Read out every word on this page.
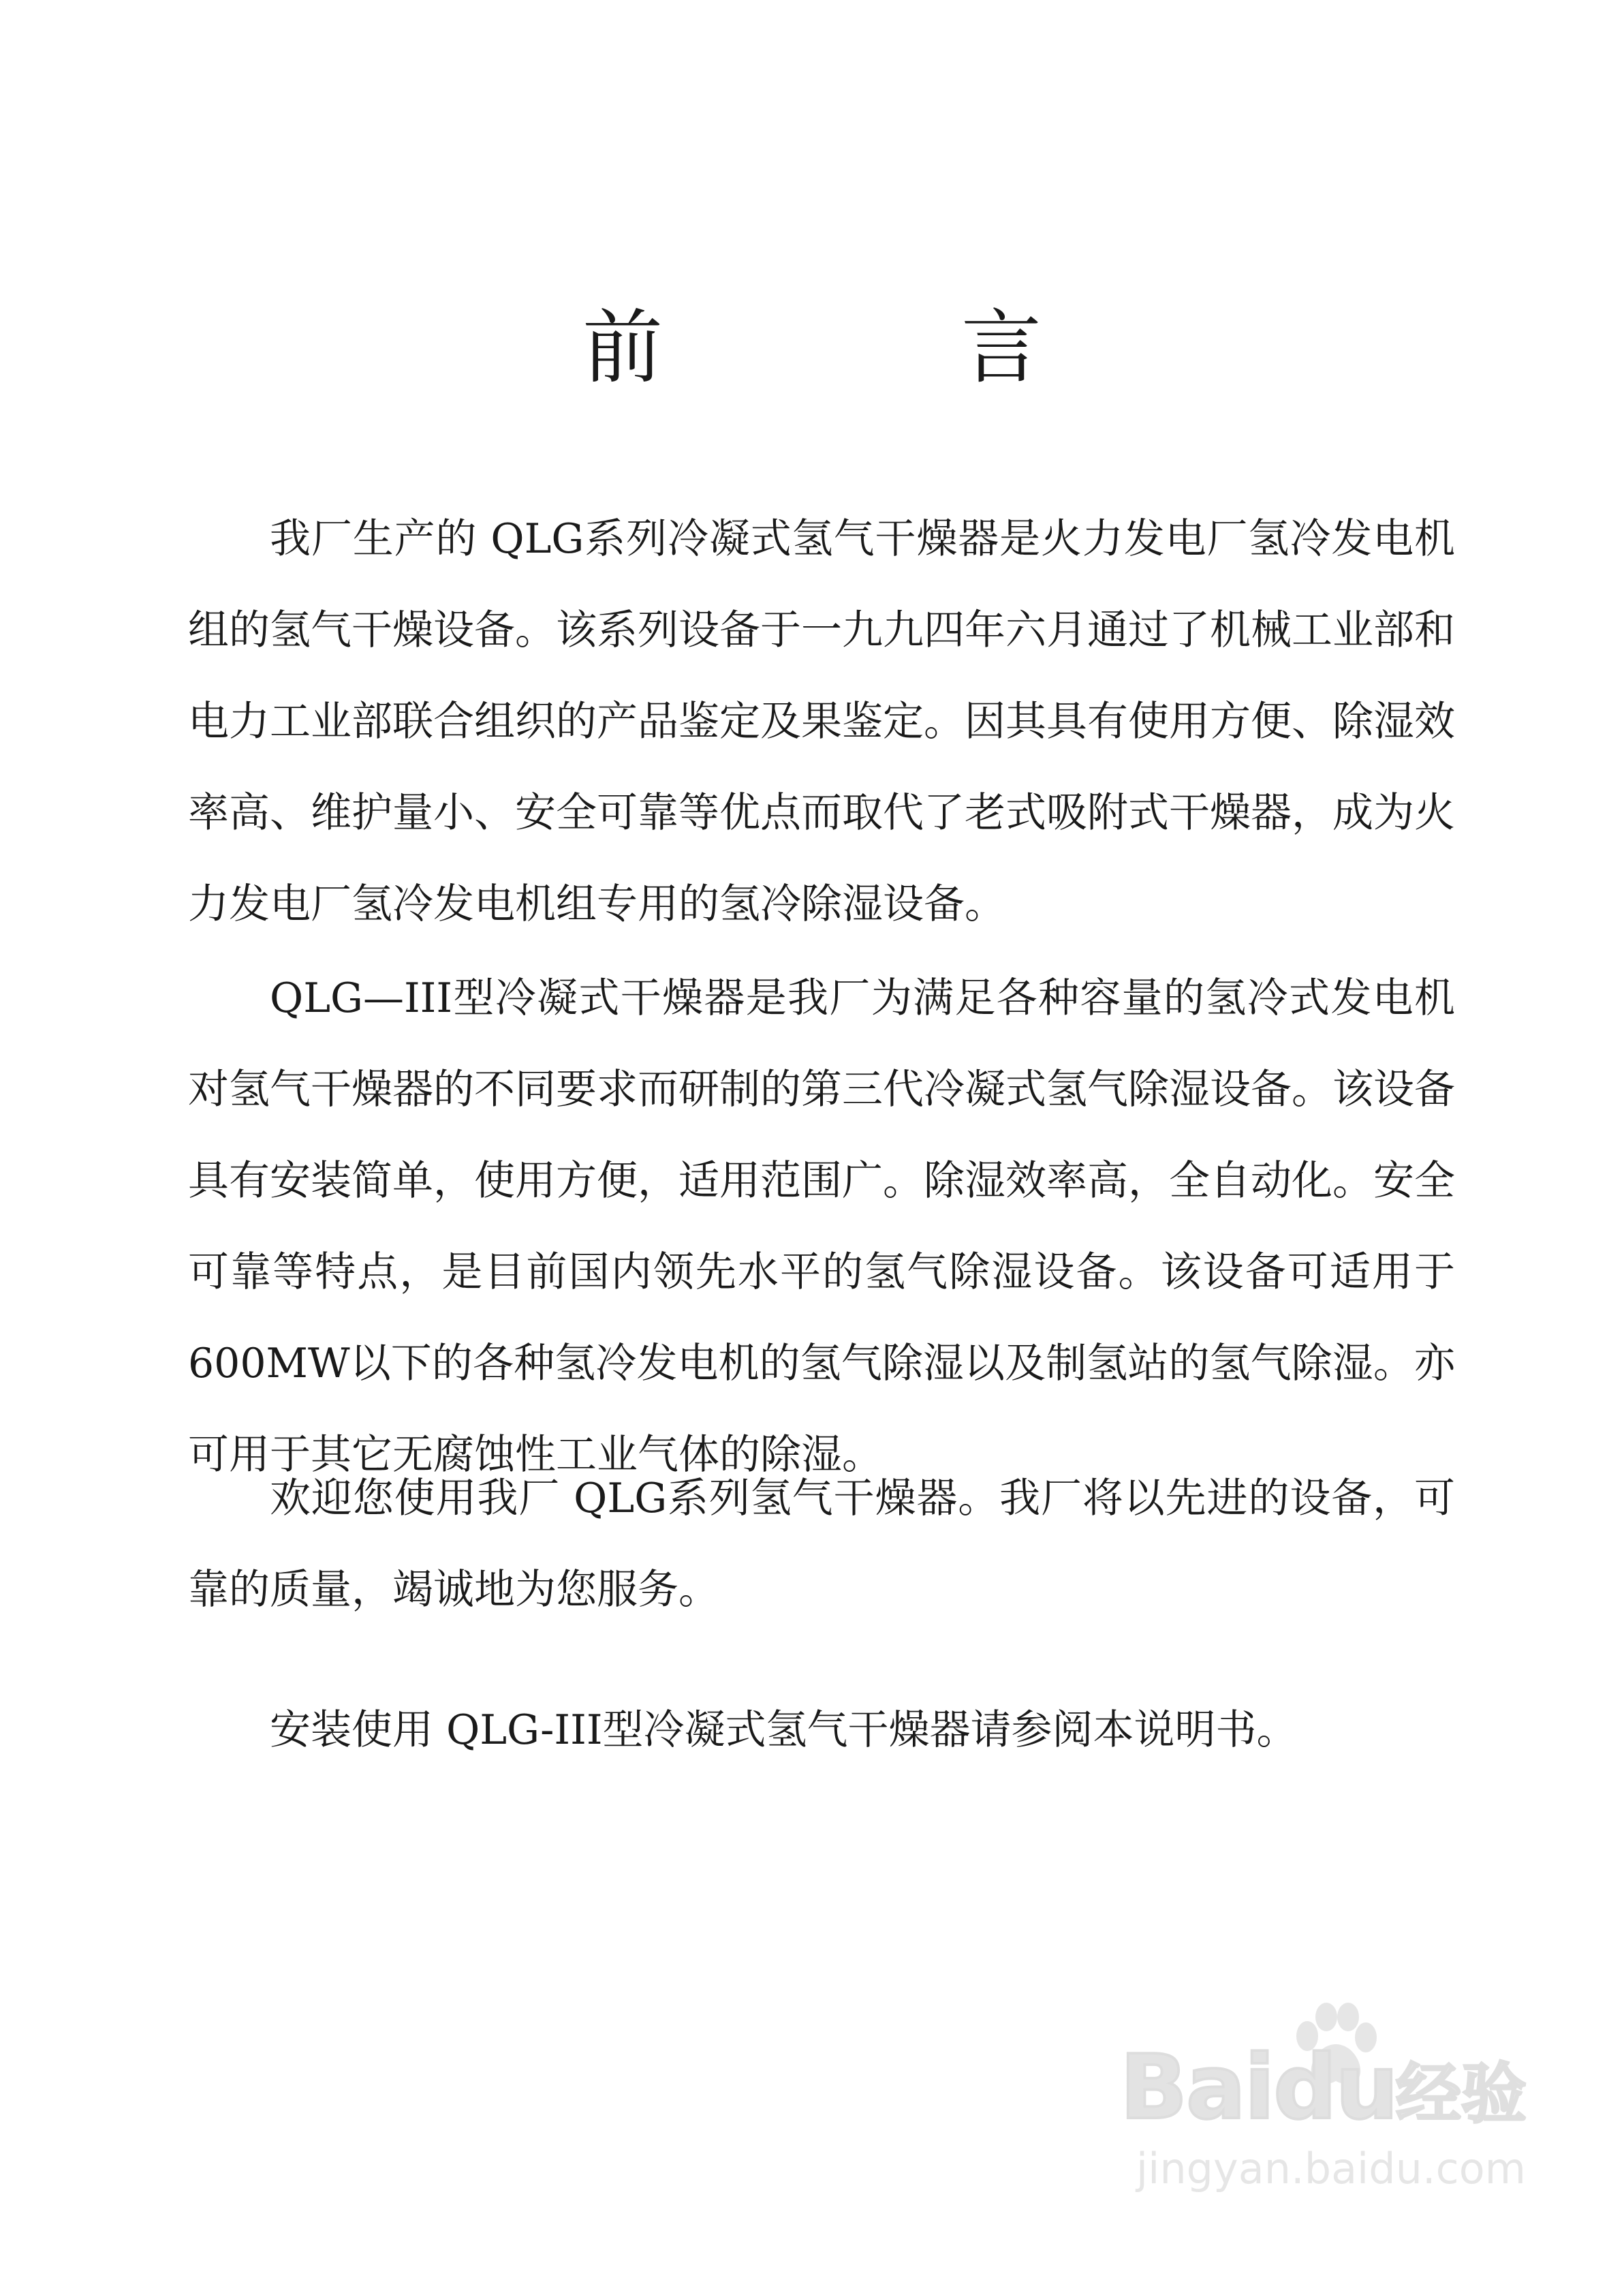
前　言

我厂生产的 QLG系列冷凝式氢气干燥器是火力发电厂氢冷发电机组的氢气干燥设备。该系列设备于一九九四年六月通过了机械工业部和电力工业部联合组织的产品鉴定及果鉴定。因其具有使用方便、除湿效率高、维护量小、安全可靠等优点而取代了老式吸附式干燥器，成为火力发电厂氢冷发电机组专用的氢冷除湿设备。

QLG—III型冷凝式干燥器是我厂为满足各种容量的氢冷式发电机对氢气干燥器的不同要求而研制的第三代冷凝式氢气除湿设备。该设备具有安装简单，使用方便，适用范围广。除湿效率高，全自动化。安全可靠等特点，是目前国内领先水平的氢气除湿设备。该设备可适用于 600MW以下的各种氢冷发电机的氢气除湿以及制氢站的氢气除湿。亦可用于其它无腐蚀性工业气体的除湿。

欢迎您使用我厂 QLG系列氢气干燥器。我厂将以先进的设备，可靠的质量，竭诚地为您服务。

安装使用 QLG-III型冷凝式氢气干燥器请参阅本说明书。

Baidu
经验
jingyan.baidu.com
